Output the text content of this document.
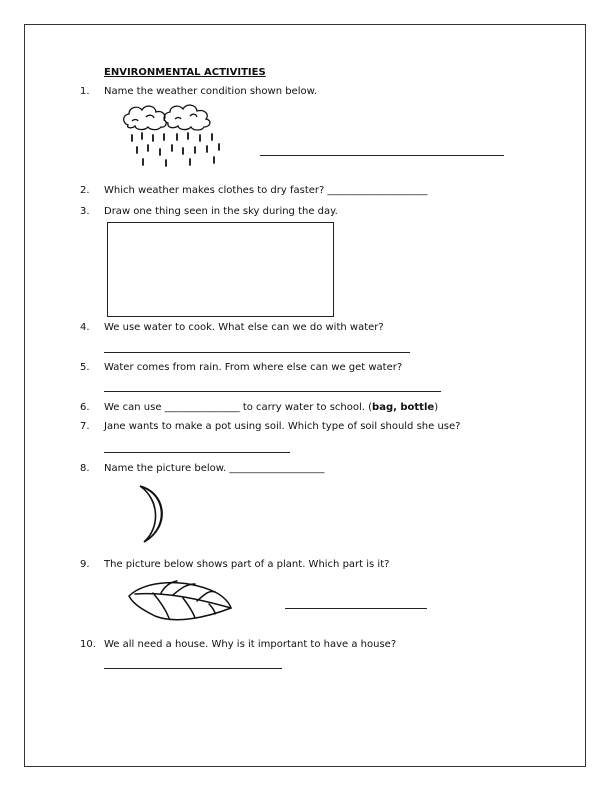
ENVIRONMENTAL ACTIVITIES
1. Name the weather condition shown below.
2. Which weather makes clothes to dry faster? ____________________
3. Draw one thing seen in the sky during the day.
4. We use water to cook. What else can we do with water?
5. Water comes from rain. From where else can we get water?
6. We can use _______________ to carry water to school. (bag, bottle)
7. Jane wants to make a pot using soil. Which type of soil should she use?
8. Name the picture below. ___________________
9. The picture below shows part of a plant. Which part is it?
10. We all need a house. Why is it important to have a house?
